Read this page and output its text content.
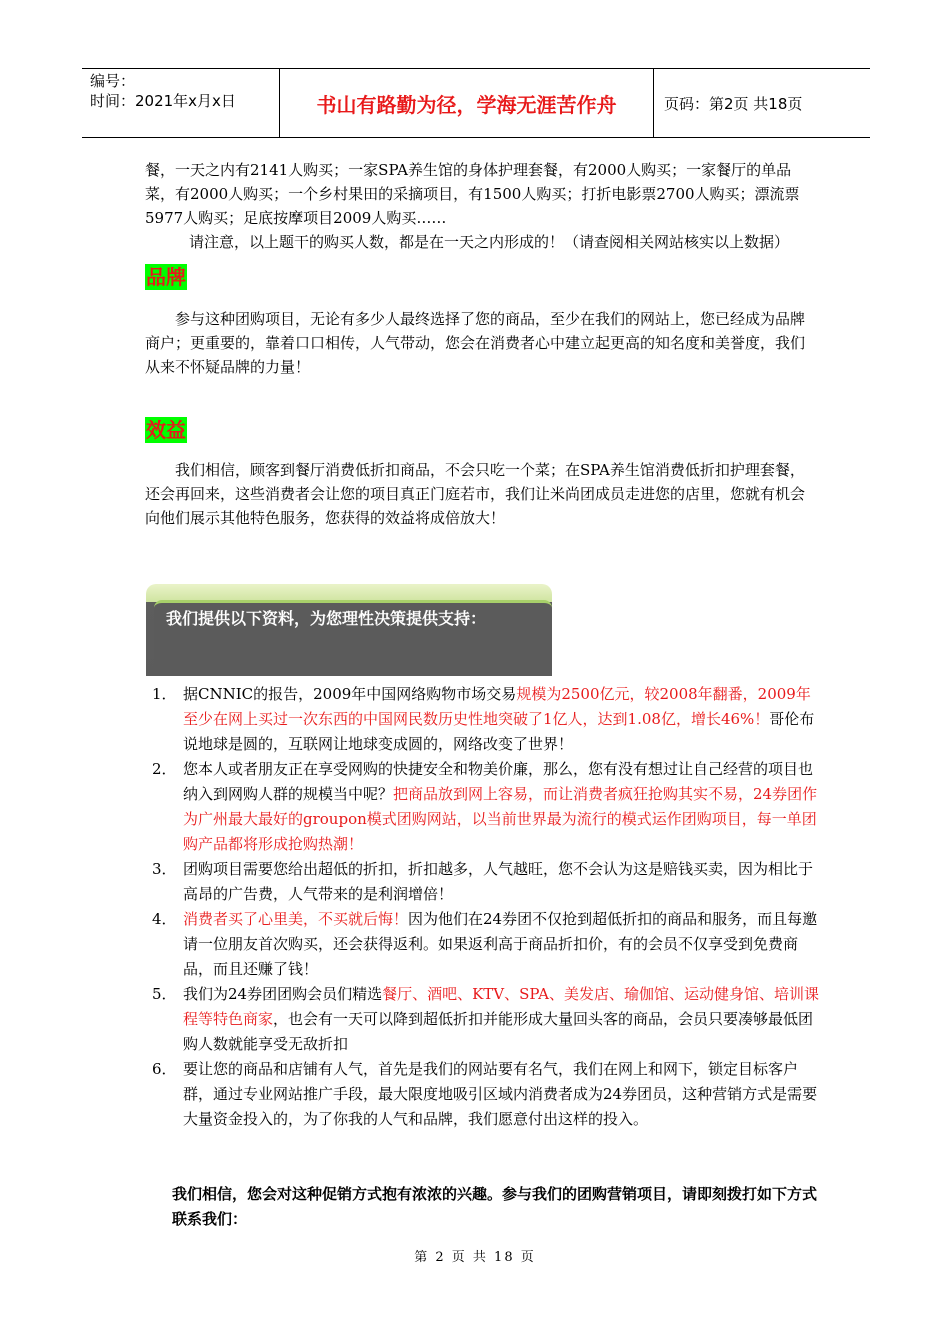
编号：
时间：2021年x月x日	书山有路勤为径，学海无涯苦作舟	页码：第2页 共18页

餐，一天之内有2141人购买；一家SPA养生馆的身体护理套餐，有2000人购买；一家餐厅的单品菜，有2000人购买；一个乡村果田的采摘项目，有1500人购买；打折电影票2700人购买；漂流票5977人购买；足底按摩项目2009人购买……

请注意，以上题干的购买人数，都是在一天之内形成的！（请查阅相关网站核实以上数据）

品牌

参与这种团购项目，无论有多少人最终选择了您的商品，至少在我们的网站上，您已经成为品牌商户；更重要的，靠着口口相传，人气带动，您会在消费者心中建立起更高的知名度和美誉度，我们从来不怀疑品牌的力量！

效益

我们相信，顾客到餐厅消费低折扣商品，不会只吃一个菜；在SPA养生馆消费低折扣护理套餐，还会再回来，这些消费者会让您的项目真正门庭若市，我们让米尚团成员走进您的店里，您就有机会向他们展示其他特色服务，您获得的效益将成倍放大！

我们提供以下资料，为您理性决策提供支持：
1． 据CNNIC的报告，2009年中国网络购物市场交易规模为2500亿元，较2008年翻番，2009年至少在网上买过一次东西的中国网民数历史性地突破了1亿人，达到1.08亿，增长46%！哥伦布说地球是圆的，互联网让地球变成圆的，网络改变了世界！
2． 您本人或者朋友正在享受网购的快捷安全和物美价廉，那么，您有没有想过让自己经营的项目也纳入到网购人群的规模当中呢？把商品放到网上容易，而让消费者疯狂抢购其实不易，24券团作为广州最大最好的groupon模式团购网站，以当前世界最为流行的模式运作团购项目，每一单团购产品都将形成抢购热潮！
3． 团购项目需要您给出超低的折扣，折扣越多，人气越旺，您不会认为这是赔钱买卖，因为相比于高昂的广告费，人气带来的是利润增倍！
4． 消费者买了心里美，不买就后悔！因为他们在24券团不仅抢到超低折扣的商品和服务，而且每邀请一位朋友首次购买，还会获得返利。如果返利高于商品折扣价，有的会员不仅享受到免费商品，而且还赚了钱！
5． 我们为24券团团购会员们精选餐厅、酒吧、KTV、SPA、美发店、瑜伽馆、运动健身馆、培训课程等特色商家，也会有一天可以降到超低折扣并能形成大量回头客的商品，会员只要凑够最低团购人数就能享受无敌折扣
6． 要让您的商品和店铺有人气，首先是我们的网站要有名气，我们在网上和网下，锁定目标客户群，通过专业网站推广手段，最大限度地吸引区域内消费者成为24券团员，这种营销方式是需要大量资金投入的，为了你我的人气和品牌，我们愿意付出这样的投入。

我们相信，您会对这种促销方式抱有浓浓的兴趣。参与我们的团购营销项目，请即刻拨打如下方式联系我们：

第 2 页 共 18 页
